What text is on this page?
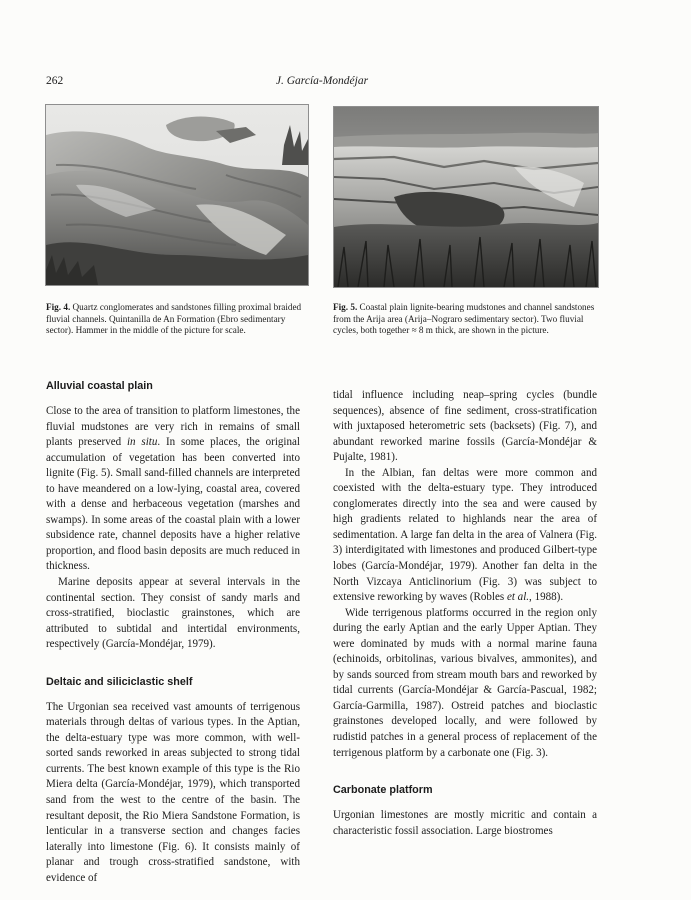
262	J. García-Mondéjar

Fig. 4. Quartz conglomerates and sandstones filling proximal braided fluvial channels. Quintanilla de An Formation (Ebro sedimentary sector). Hammer in the middle of the picture for scale.

Fig. 5. Coastal plain lignite-bearing mudstones and channel sandstones from the Arija area (Arija–Nograro sedimentary sector). Two fluvial cycles, both together ≈ 8 m thick, are shown in the picture.

Alluvial coastal plain

Close to the area of transition to platform limestones, the fluvial mudstones are very rich in remains of small plants preserved in situ. In some places, the original accumulation of vegetation has been converted into lignite (Fig. 5). Small sand-filled channels are interpreted to have meandered on a low-lying, coastal area, covered with a dense and herbaceous vegetation (marshes and swamps). In some areas of the coastal plain with a lower subsidence rate, channel deposits have a higher relative proportion, and flood basin deposits are much reduced in thickness.

Marine deposits appear at several intervals in the continental section. They consist of sandy marls and cross-stratified, bioclastic grainstones, which are attributed to subtidal and intertidal environments, respectively (García-Mondéjar, 1979).

Deltaic and siliciclastic shelf

The Urgonian sea received vast amounts of terrigenous materials through deltas of various types. In the Aptian, the delta-estuary type was more common, with well-sorted sands reworked in areas subjected to strong tidal currents. The best known example of this type is the Rio Miera delta (García-Mondéjar, 1979), which transported sand from the west to the centre of the basin. The resultant deposit, the Rio Miera Sandstone Formation, is lenticular in a transverse section and changes facies laterally into limestone (Fig. 6). It consists mainly of planar and trough cross-stratified sandstone, with evidence of

tidal influence including neap–spring cycles (bundle sequences), absence of fine sediment, cross-stratification with juxtaposed heterometric sets (backsets) (Fig. 7), and abundant reworked marine fossils (García-Mondéjar & Pujalte, 1981).

In the Albian, fan deltas were more common and coexisted with the delta-estuary type. They introduced conglomerates directly into the sea and were caused by high gradients related to highlands near the area of sedimentation. A large fan delta in the area of Valnera (Fig. 3) interdigitated with limestones and produced Gilbert-type lobes (García-Mondéjar, 1979). Another fan delta in the North Vizcaya Anticlinorium (Fig. 3) was subject to extensive reworking by waves (Robles et al., 1988).

Wide terrigenous platforms occurred in the region only during the early Aptian and the early Upper Aptian. They were dominated by muds with a normal marine fauna (echinoids, orbitolinas, various bivalves, ammonites), and by sands sourced from stream mouth bars and reworked by tidal currents (García-Mondéjar & García-Pascual, 1982; García-Garmilla, 1987). Ostreid patches and bioclastic grainstones developed locally, and were followed by rudistid patches in a general process of replacement of the terrigenous platform by a carbonate one (Fig. 3).

Carbonate platform

Urgonian limestones are mostly micritic and contain a characteristic fossil association. Large biostromes
